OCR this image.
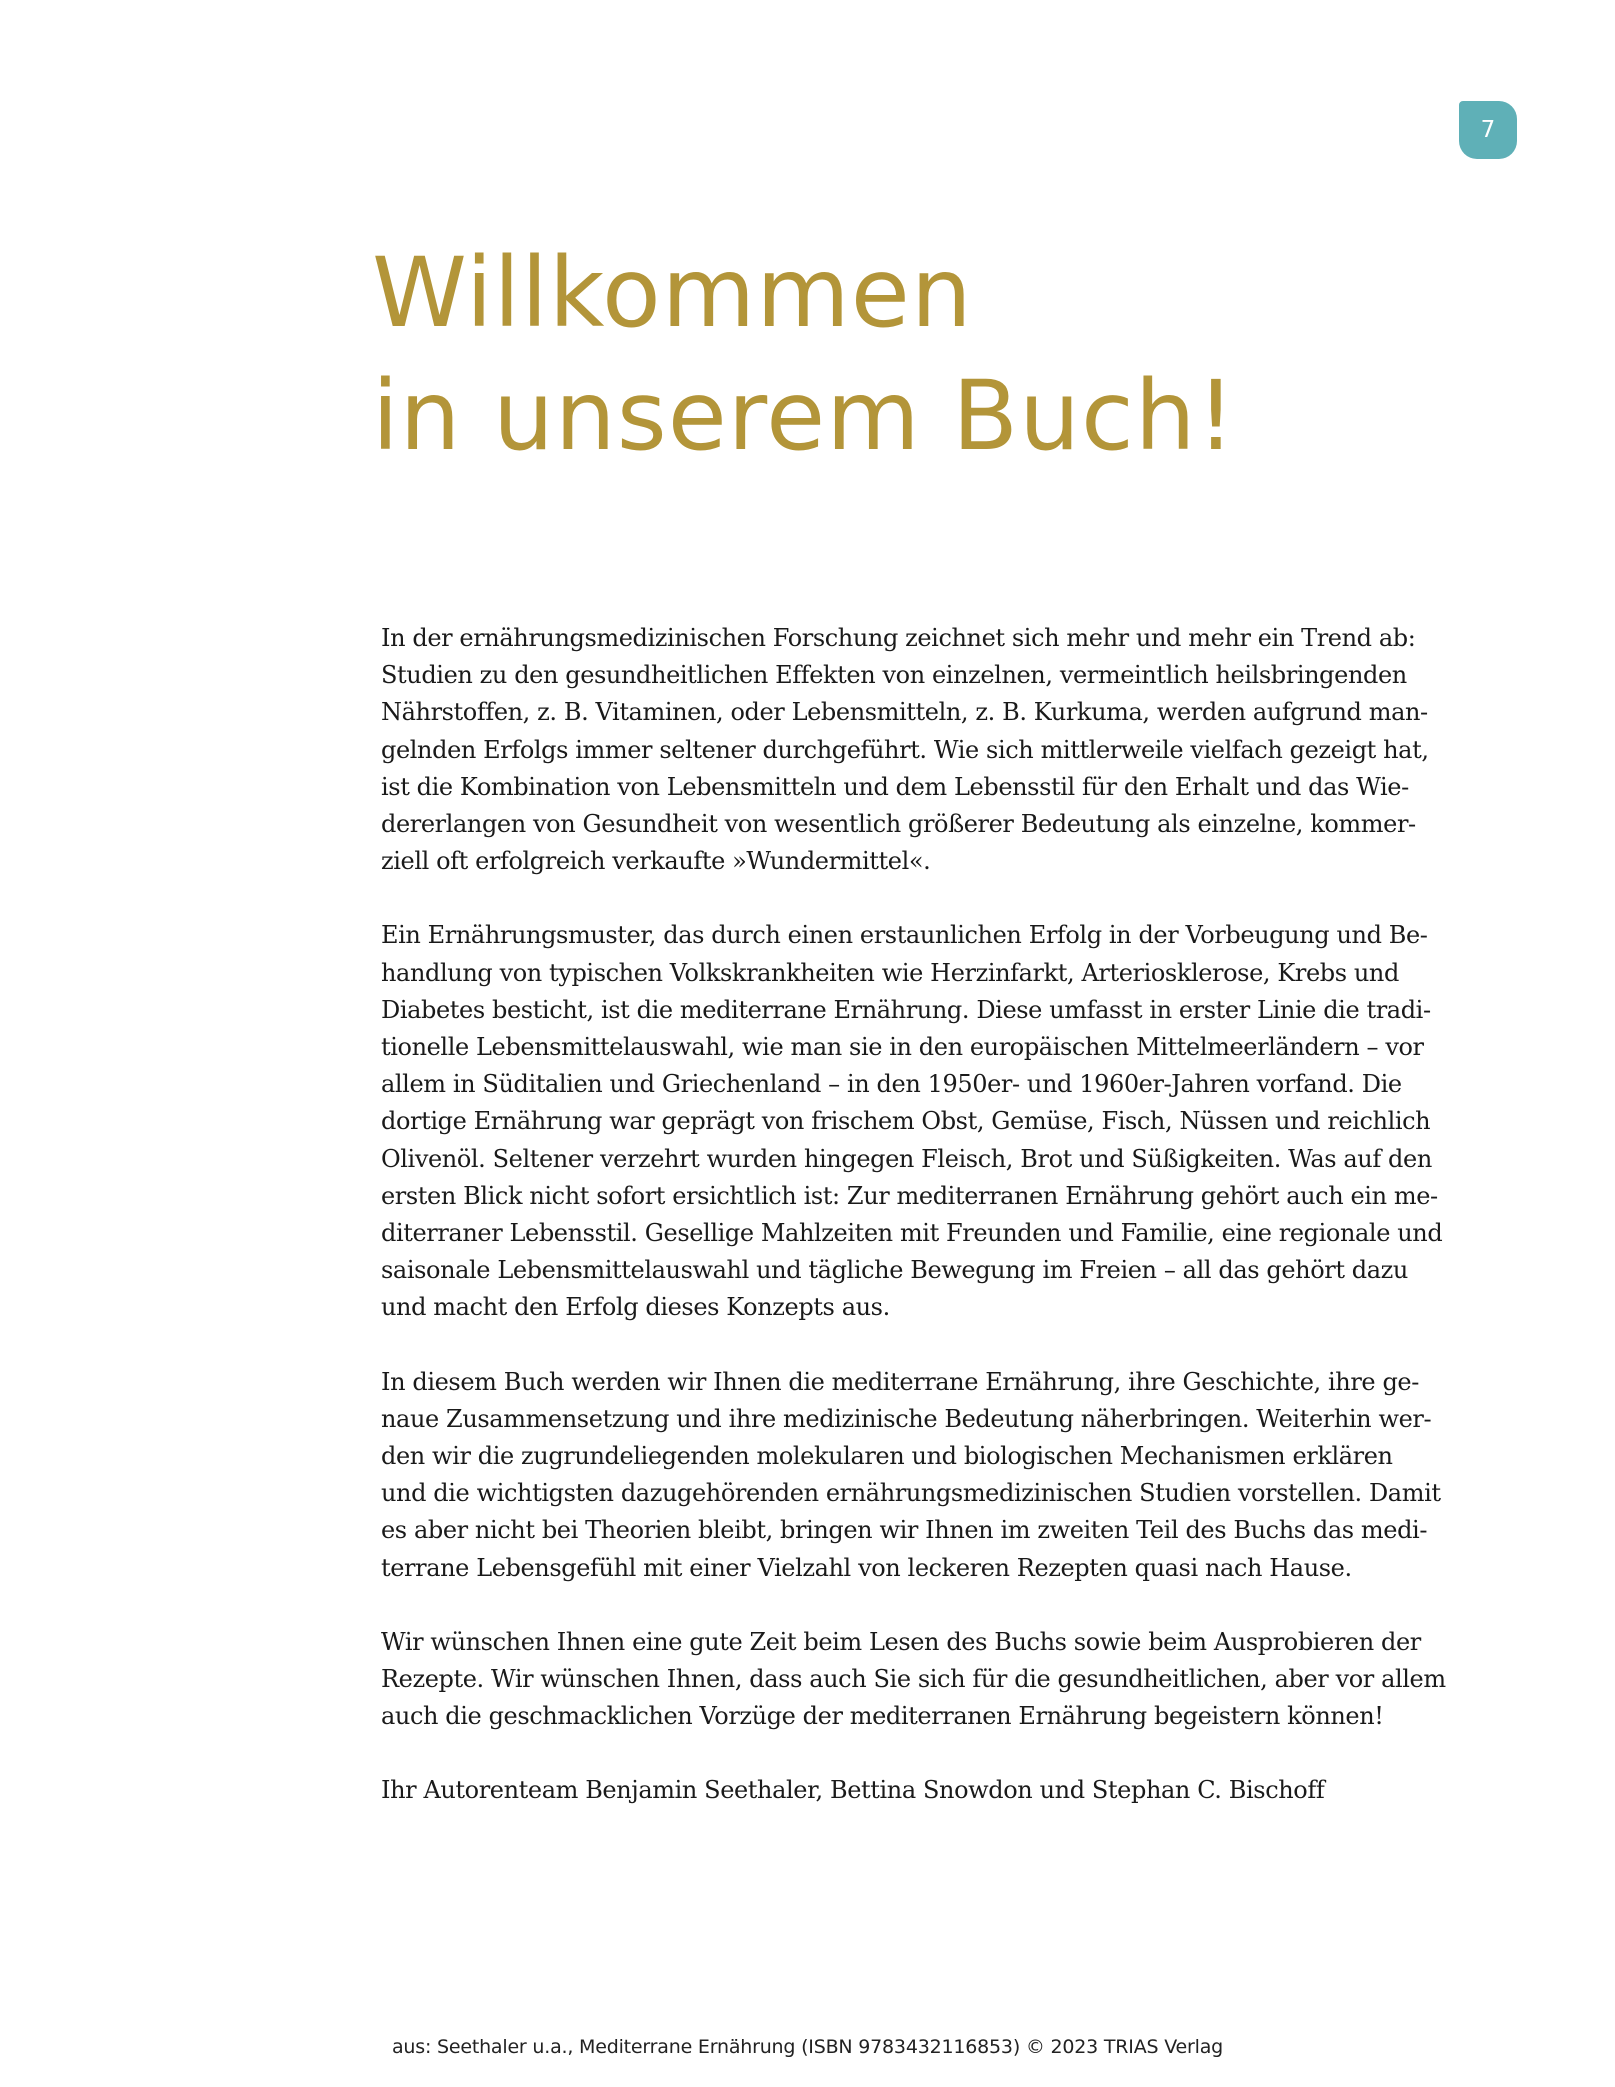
7
Willkommen
in unserem Buch!

In der ernährungsmedizinischen Forschung zeichnet sich mehr und mehr ein Trend ab:
Studien zu den gesundheitlichen Effekten von einzelnen, vermeintlich heilsbringenden
Nährstoffen, z. B. Vitaminen, oder Lebensmitteln, z. B. Kurkuma, werden aufgrund man-
gelnden Erfolgs immer seltener durchgeführt. Wie sich mittlerweile vielfach gezeigt hat,
ist die Kombination von Lebensmitteln und dem Lebensstil für den Erhalt und das Wie-
dererlangen von Gesundheit von wesentlich größerer Bedeutung als einzelne, kommer-
ziell oft erfolgreich verkaufte »Wundermittel«.

Ein Ernährungsmuster, das durch einen erstaunlichen Erfolg in der Vorbeugung und Be-
handlung von typischen Volkskrankheiten wie Herzinfarkt, Arteriosklerose, Krebs und
Diabetes besticht, ist die mediterrane Ernährung. Diese umfasst in erster Linie die tradi-
tionelle Lebensmittelauswahl, wie man sie in den europäischen Mittelmeerländern – vor
allem in Süditalien und Griechenland – in den 1950er- und 1960er-Jahren vorfand. Die
dortige Ernährung war geprägt von frischem Obst, Gemüse, Fisch, Nüssen und reichlich
Olivenöl. Seltener verzehrt wurden hingegen Fleisch, Brot und Süßigkeiten. Was auf den
ersten Blick nicht sofort ersichtlich ist: Zur mediterranen Ernährung gehört auch ein me-
diterraner Lebensstil. Gesellige Mahlzeiten mit Freunden und Familie, eine regionale und
saisonale Lebensmittelauswahl und tägliche Bewegung im Freien – all das gehört dazu
und macht den Erfolg dieses Konzepts aus.

In diesem Buch werden wir Ihnen die mediterrane Ernährung, ihre Geschichte, ihre ge-
naue Zusammensetzung und ihre medizinische Bedeutung näherbringen. Weiterhin wer-
den wir die zugrundeliegenden molekularen und biologischen Mechanismen erklären
und die wichtigsten dazugehörenden ernährungsmedizinischen Studien vorstellen. Damit
es aber nicht bei Theorien bleibt, bringen wir Ihnen im zweiten Teil des Buchs das medi-
terrane Lebensgefühl mit einer Vielzahl von leckeren Rezepten quasi nach Hause.

Wir wünschen Ihnen eine gute Zeit beim Lesen des Buchs sowie beim Ausprobieren der
Rezepte. Wir wünschen Ihnen, dass auch Sie sich für die gesundheitlichen, aber vor allem
auch die geschmacklichen Vorzüge der mediterranen Ernährung begeistern können!

Ihr Autorenteam Benjamin Seethaler, Bettina Snowdon und Stephan C. Bischoff

aus: Seethaler u.a., Mediterrane Ernährung (ISBN 9783432116853) © 2023 TRIAS Verlag
